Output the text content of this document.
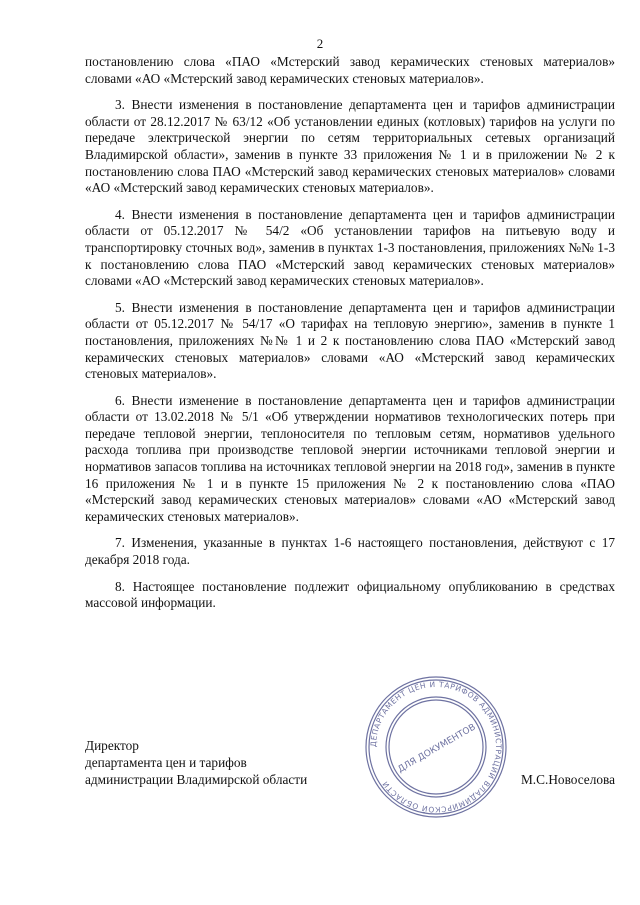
2

постановлению слова «ПАО «Мстерский завод керамических стеновых материалов» словами «АО «Мстерский завод керамических стеновых материалов».

3. Внести изменения в постановление департамента цен и тарифов администрации области от 28.12.2017 № 63/12 «Об установлении единых (котловых) тарифов на услуги по передаче электрической энергии по сетям территориальных сетевых организаций Владимирской области», заменив в пункте 33 приложения № 1 и в приложении № 2 к постановлению слова ПАО «Мстерский завод керамических стеновых материалов» словами «АО «Мстерский завод керамических стеновых материалов».

4. Внести изменения в постановление департамента цен и тарифов администрации области от 05.12.2017 № 54/2 «Об установлении тарифов на питьевую воду и транспортировку сточных вод», заменив в пунктах 1-3 постановления, приложениях №№ 1-3 к постановлению слова ПАО «Мстерский завод керамических стеновых материалов» словами «АО «Мстерский завод керамических стеновых материалов».

5. Внести изменения в постановление департамента цен и тарифов администрации области от 05.12.2017 № 54/17 «О тарифах на тепловую энергию», заменив в пункте 1 постановления, приложениях №№ 1 и 2 к постановлению слова ПАО «Мстерский завод керамических стеновых материалов» словами «АО «Мстерский завод керамических стеновых материалов».

6. Внести изменение в постановление департамента цен и тарифов администрации области от 13.02.2018 № 5/1 «Об утверждении нормативов технологических потерь при передаче тепловой энергии, теплоносителя по тепловым сетям, нормативов удельного расхода топлива при производстве тепловой энергии источниками тепловой энергии и нормативов запасов топлива на источниках тепловой энергии на 2018 год», заменив в пункте 16 приложения № 1 и в пункте 15 приложения № 2 к постановлению слова «ПАО «Мстерский завод керамических стеновых материалов» словами «АО «Мстерский завод керамических стеновых материалов».

7. Изменения, указанные в пунктах 1-6 настоящего постановления, действуют с 17 декабря 2018 года.

8. Настоящее постановление подлежит официальному опубликованию в средствах массовой информации.

ДЕПАРТАМЕНТ ЦЕН И ТАРИФОВ АДМИНИСТРАЦИИ ВЛАДИМИРСКОЙ ОБЛАСТИ
ДЛЯ ДОКУМЕНТОВ
Директор
департамента цен и тарифов
администрации Владимирской области	М.С.Новоселова
